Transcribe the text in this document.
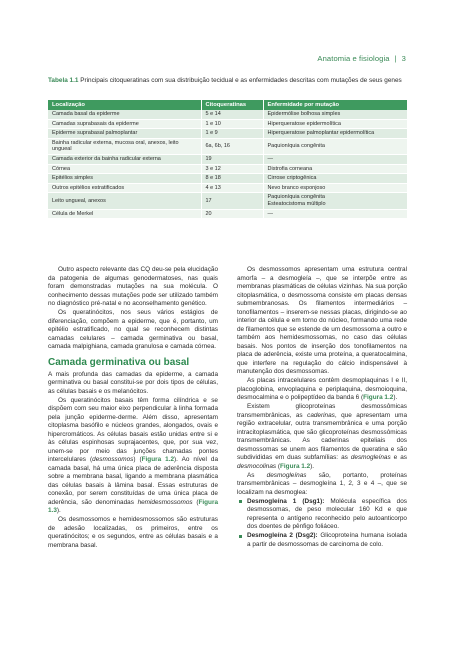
Anatomia e fisiologia | 3
Tabela 1.1 Principais citoqueratinas com sua distribuição tecidual e as enfermidades descritas com mutações de seus genes
Localização	Citoqueratinas	Enfermidade por mutação
Camada basal da epiderme	5 e 14	Epidermólise bolhosa simples
Camadas suprabasais da epiderme	1 e 10	Hiperqueratose epidermolítica
Epiderme suprabasal palmoplantar	1 e 9	Hiperqueratose palmoplantar epidermolítica
Bainha radicular externa, mucosa oral, anexos, leito ungueal	6a, 6b, 16	Paquioníquia congênita
Camada exterior da bainha radicular externa	19	—
Córnea	3 e 12	Distrofia corneana
Epitélios simples	8 e 18	Cirrose criptogênica
Outros epitélios estratificados	4 e 13	Nevo branco esponjoso
Leito ungueal, anexos	17	Paquioníquia congênita
Esteatocistoma múltiplo
Célula de Merkel	20	—

Outro aspecto relevante das CQ deu-se pela elucidação da patogenia de algumas genodermatoses, nas quais foram demonstradas mutações na sua molécula. O conhecimento dessas mutações pode ser utilizado também no diagnóstico pré-natal e no aconselhamento genético.

Os queratinócitos, nos seus vários estágios de diferenciação, compõem a epiderme, que é, portanto, um epitélio estratificado, no qual se reconhecem distintas camadas celulares – camada germinativa ou basal, camada malpighiana, camada granulosa e camada córnea.

Camada germinativa ou basal

A mais profunda das camadas da epiderme, a camada germinativa ou basal constitui-se por dois tipos de células, as células basais e os melanócitos.

Os queratinócitos basais têm forma cilíndrica e se dispõem com seu maior eixo perpendicular à linha formada pela junção epiderme-derme. Além disso, apresentam citoplasma basófilo e núcleos grandes, alongados, ovais e hipercromáticos. As células basais estão unidas entre si e às células espinhosas suprajacentes, que, por sua vez, unem-se por meio das junções chamadas pontes intercelulares (desmossomos) (Figura 1.2). Ao nível da camada basal, há uma única placa de aderência disposta sobre a membrana basal, ligando a membrana plasmática das células basais à lâmina basal. Essas estruturas de conexão, por serem constituídas de uma única placa de aderência, são denominadas hemidesmossomos (Figura 1.3).

Os desmossomos e hemidesmossomos são estruturas de adesão localizadas, os primeiros, entre os queratinócitos; e os segundos, entre as células basais e a membrana basal.

Os desmossomos apresentam uma estrutura central amorfa – a desmogleía –, que se interpõe entre as membranas plasmáticas de células vizinhas. Na sua porção citoplasmática, o desmossoma consiste em placas densas submembranosas. Os filamentos intermediários – tonofilamentos – inserem-se nessas placas, dirigindo-se ao interior da célula e em torno do núcleo, formando uma rede de filamentos que se estende de um desmossoma a outro e também aos hemidesmossomas, no caso das células basais. Nos pontos de inserção dos tonofilamentos na placa de aderência, existe uma proteína, a queratocalmina, que interfere na regulação do cálcio indispensável à manutenção dos desmossomas.

As placas intracelulares contêm desmoplaquinas I e II, placoglobina, envoplaquina e periplaquina, desmoioquina, desmocalmina e o polipeptídeo da banda 6 (Figura 1.2).

Existem glicoproteínas desmossômicas transmembrânicas, as caderinas, que apresentam uma região extracelular, outra transmembrânica e uma porção intracitoplasmática, que são glicoproteínas desmossômicas transmembrânicas. As caderinas epiteliais dos desmossomas se unem aos filamentos de queratina e são subdivididas em duas subfamílias: as desmogleínas e as desmocolinas (Figura 1.2).

As desmogleínas são, portanto, proteínas transmembrânicas – desmogleína 1, 2, 3 e 4 –, que se localizam na desmoglea:

Desmogleína 1 (Dsg1): Molécula específica dos desmossomas, de peso molecular 160 Kd e que representa o antígeno reconhecido pelo autoanticorpo dos doentes de pênfigo foliáceo.
Desmogleína 2 (Dsg2): Glicoproteína humana isolada a partir de desmossomas de carcinoma de colo.
